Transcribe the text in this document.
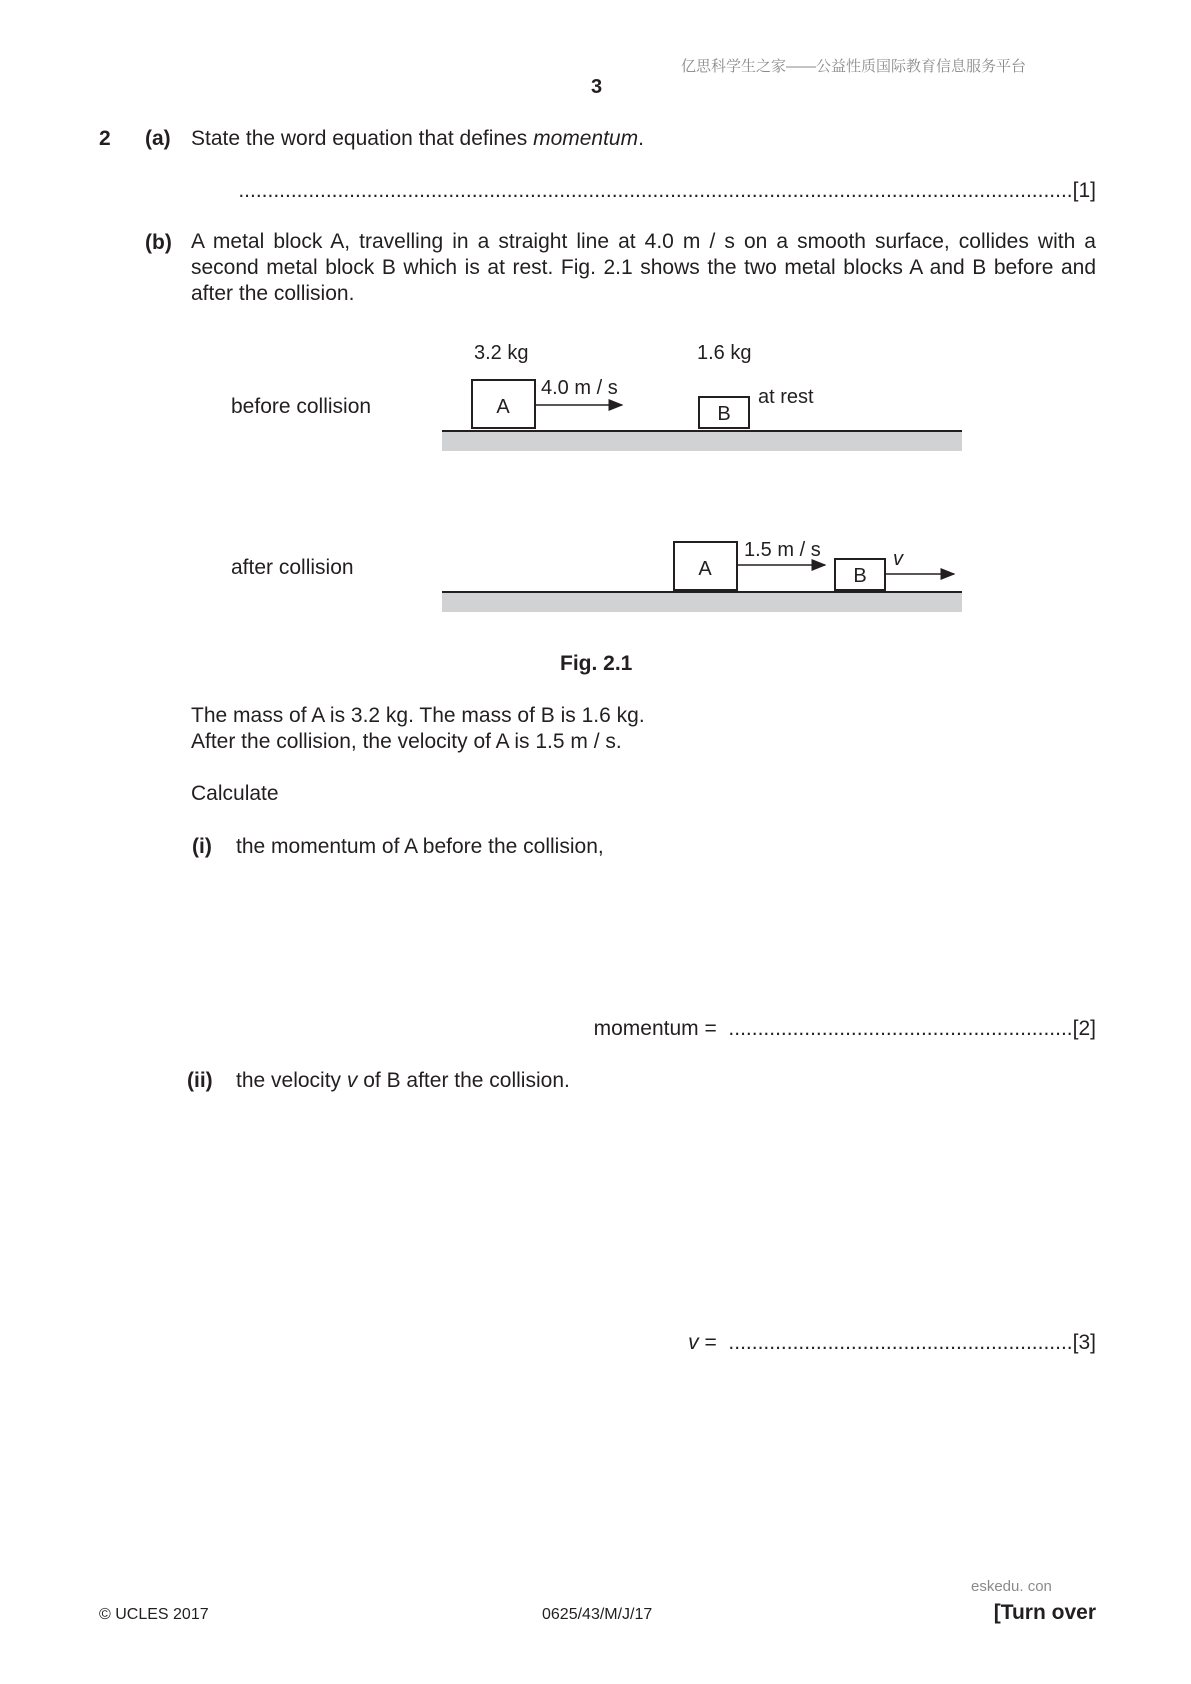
亿思科学生之家——公益性质国际教育信息服务平台
3
2 (a) State the word equation that defines momentum.
...............................................................................................................................................[1]
(b) A metal block A, travelling in a straight line at 4.0 m / s on a smooth surface, collides with a second metal block B which is at rest. Fig. 2.1 shows the two metal blocks A and B before and after the collision.
before collision
after collision
3.2 kg	1.6 kg
A
4.0 m / s
B
at rest
A
1.5 m / s
B
v
Fig. 2.1
The mass of A is 3.2 kg. The mass of B is 1.6 kg.
After the collision, the velocity of A is 1.5 m / s.
Calculate
(i) the momentum of A before the collision,
momentum = ...........................................................[2]
(ii) the velocity v of B after the collision.
v = ...........................................................[3]
eskedu. con
© UCLES 2017	0625/43/M/J/17	[Turn over
